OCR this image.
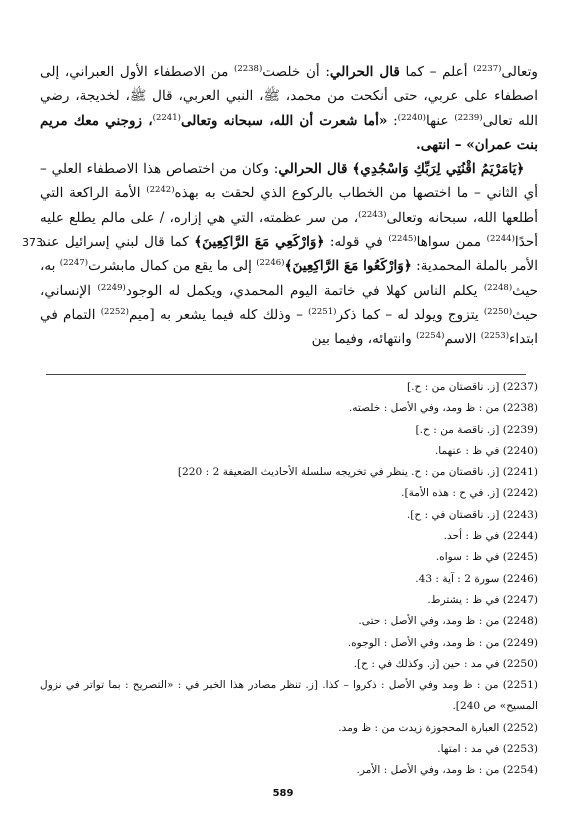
وتعالى$^{(2237)}$ أعلم – كما قال الحرالي: أن خلصت$^{(2238)}$ من الاصطفاء الأول العبراني، إلى اصطفاء على عربي، حتى أنكحت من محمد، ﷺ، النبي العربي، قال ﷺ، لخديجة، رضي الله تعالى$^{(2239)}$ عنها$^{(2240)}$: «أما شعرت أن الله، سبحانه وتعالى$^{(2241)}$، زوجني معك مريم بنت عمران» – انتهى.

 ﴿يَامَرْيَمُ اقْنُتِي لِرَبِّكِ وَاسْجُدِي﴾ قال الحرالي: وكان من اختصاص هذا الاصطفاء العلي – أي الثاني – ما اختصها من الخطاب بالركوع الذي لحقت به بهذه$^{(2242)}$ الأمة الراكعة التي أطلعها الله، سبحانه وتعالى$^{(2243)}$، من سر عظمته، التي هي إزاره، / على مالم يطلع عليه أحدًا$^{(2244)}$ ممن سواها$^{(2245)}$ في قوله: ﴿وَارْكَعِي مَعَ الرَّاكِعِينَ﴾ كما قال لبني إسرائيل عند الأمر بالملة المحمدية: ﴿وَارْكَعُوا مَعَ الرَّاكِعِينَ﴾$^{(2246)}$ إلى ما يقع من كمال مابشرت$^{(2247)}$ به، حيث$^{(2248)}$ يكلم الناس كهلا في خاتمة اليوم المحمدي، ويكمل له الوجود$^{(2249)}$ الإنساني، حيث$^{(2250)}$ يتزوج ويولد له – كما ذكر$^{(2251)}$ – وذلك كله فيما يشعر به [ميم$^{(2252)}$ التمام في ابتداء$^{(2253)}$ الاسم$^{(2254)}$ وانتهائه، وفيما بين

373

(2237) [ز. ناقصتان من : ح.]

(2238) من : ظ ومد، وفي الأصل : خلصته.

(2239) [ز. ناقصة من : ح.]

(2240) في ظ : عنهما.

(2241) [ز. ناقصتان من : ح. ينظر في تخريجه سلسلة الأحاديث الضعيفة 2 : 220]

(2242) [ز. في ح : هذه الأمة].

(2243) [ز. ناقصتان في : ح].

(2244) في ظ : أحد.

(2245) في ظ : سواه.

(2246) سورة 2 : آية : 43.

(2247) في ظ : يشترط.

(2248) من : ظ ومد، وفي الأصل : حتى.

(2249) من : ظ ومد، وفي الأصل : الوجوه.

(2250) في مد : حين [ز. وكذلك في : ح].

(2251) من : ظ ومد وفي الأصل : ذكروا – كذا. [ز. تنظر مصادر هذا الخبر في : «التصريح : بما تواتر في نزول المسيح» ص 240].

(2252) العبارة المحجوزة زيدت من : ظ ومد.

(2253) في مد : امتها.

(2254) من : ظ ومد، وفي الأصل : الأمر.

589
